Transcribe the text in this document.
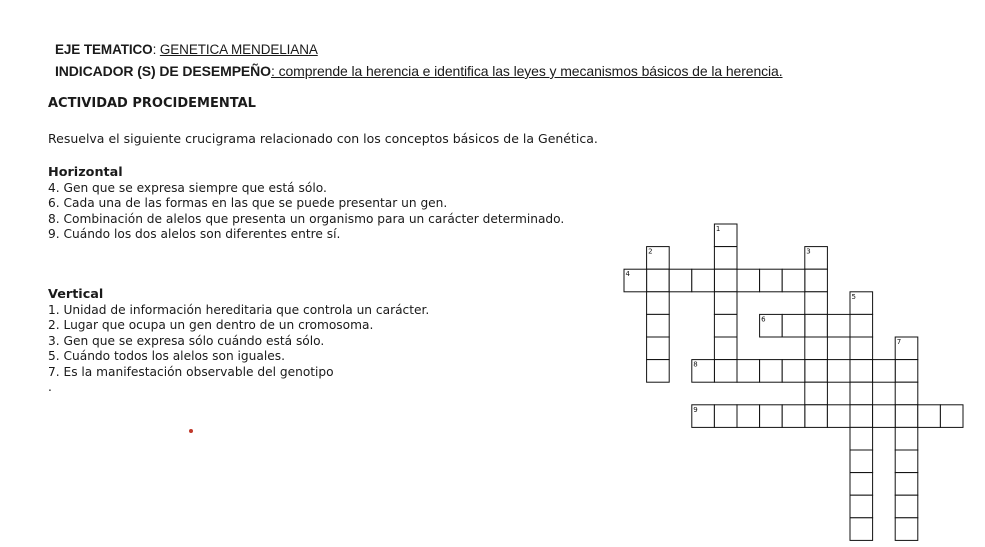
EJE TEMATICO: GENETICA MENDELIANA
INDICADOR (S) DE DESEMPEÑO: comprende la herencia e identifica las leyes y mecanismos básicos de la herencia.
ACTIVIDAD PROCIDEMENTAL
Resuelva el siguiente crucigrama relacionado con los conceptos básicos de la Genética.
Horizontal
4. Gen que se expresa siempre que está sólo.
6. Cada una de las formas en las que se puede presentar un gen.
8. Combinación de alelos que presenta un organismo para un carácter determinado.
9. Cuándo los dos alelos son diferentes entre sí.
Vertical
1. Unidad de información hereditaria que controla un carácter.
2. Lugar que ocupa un gen dentro de un cromosoma.
3. Gen que se expresa sólo cuándo está sólo.
5. Cuándo todos los alelos son iguales.
7. Es la manifestación observable del genotipo
.
1
2	3
4
5
6
7
8
9
